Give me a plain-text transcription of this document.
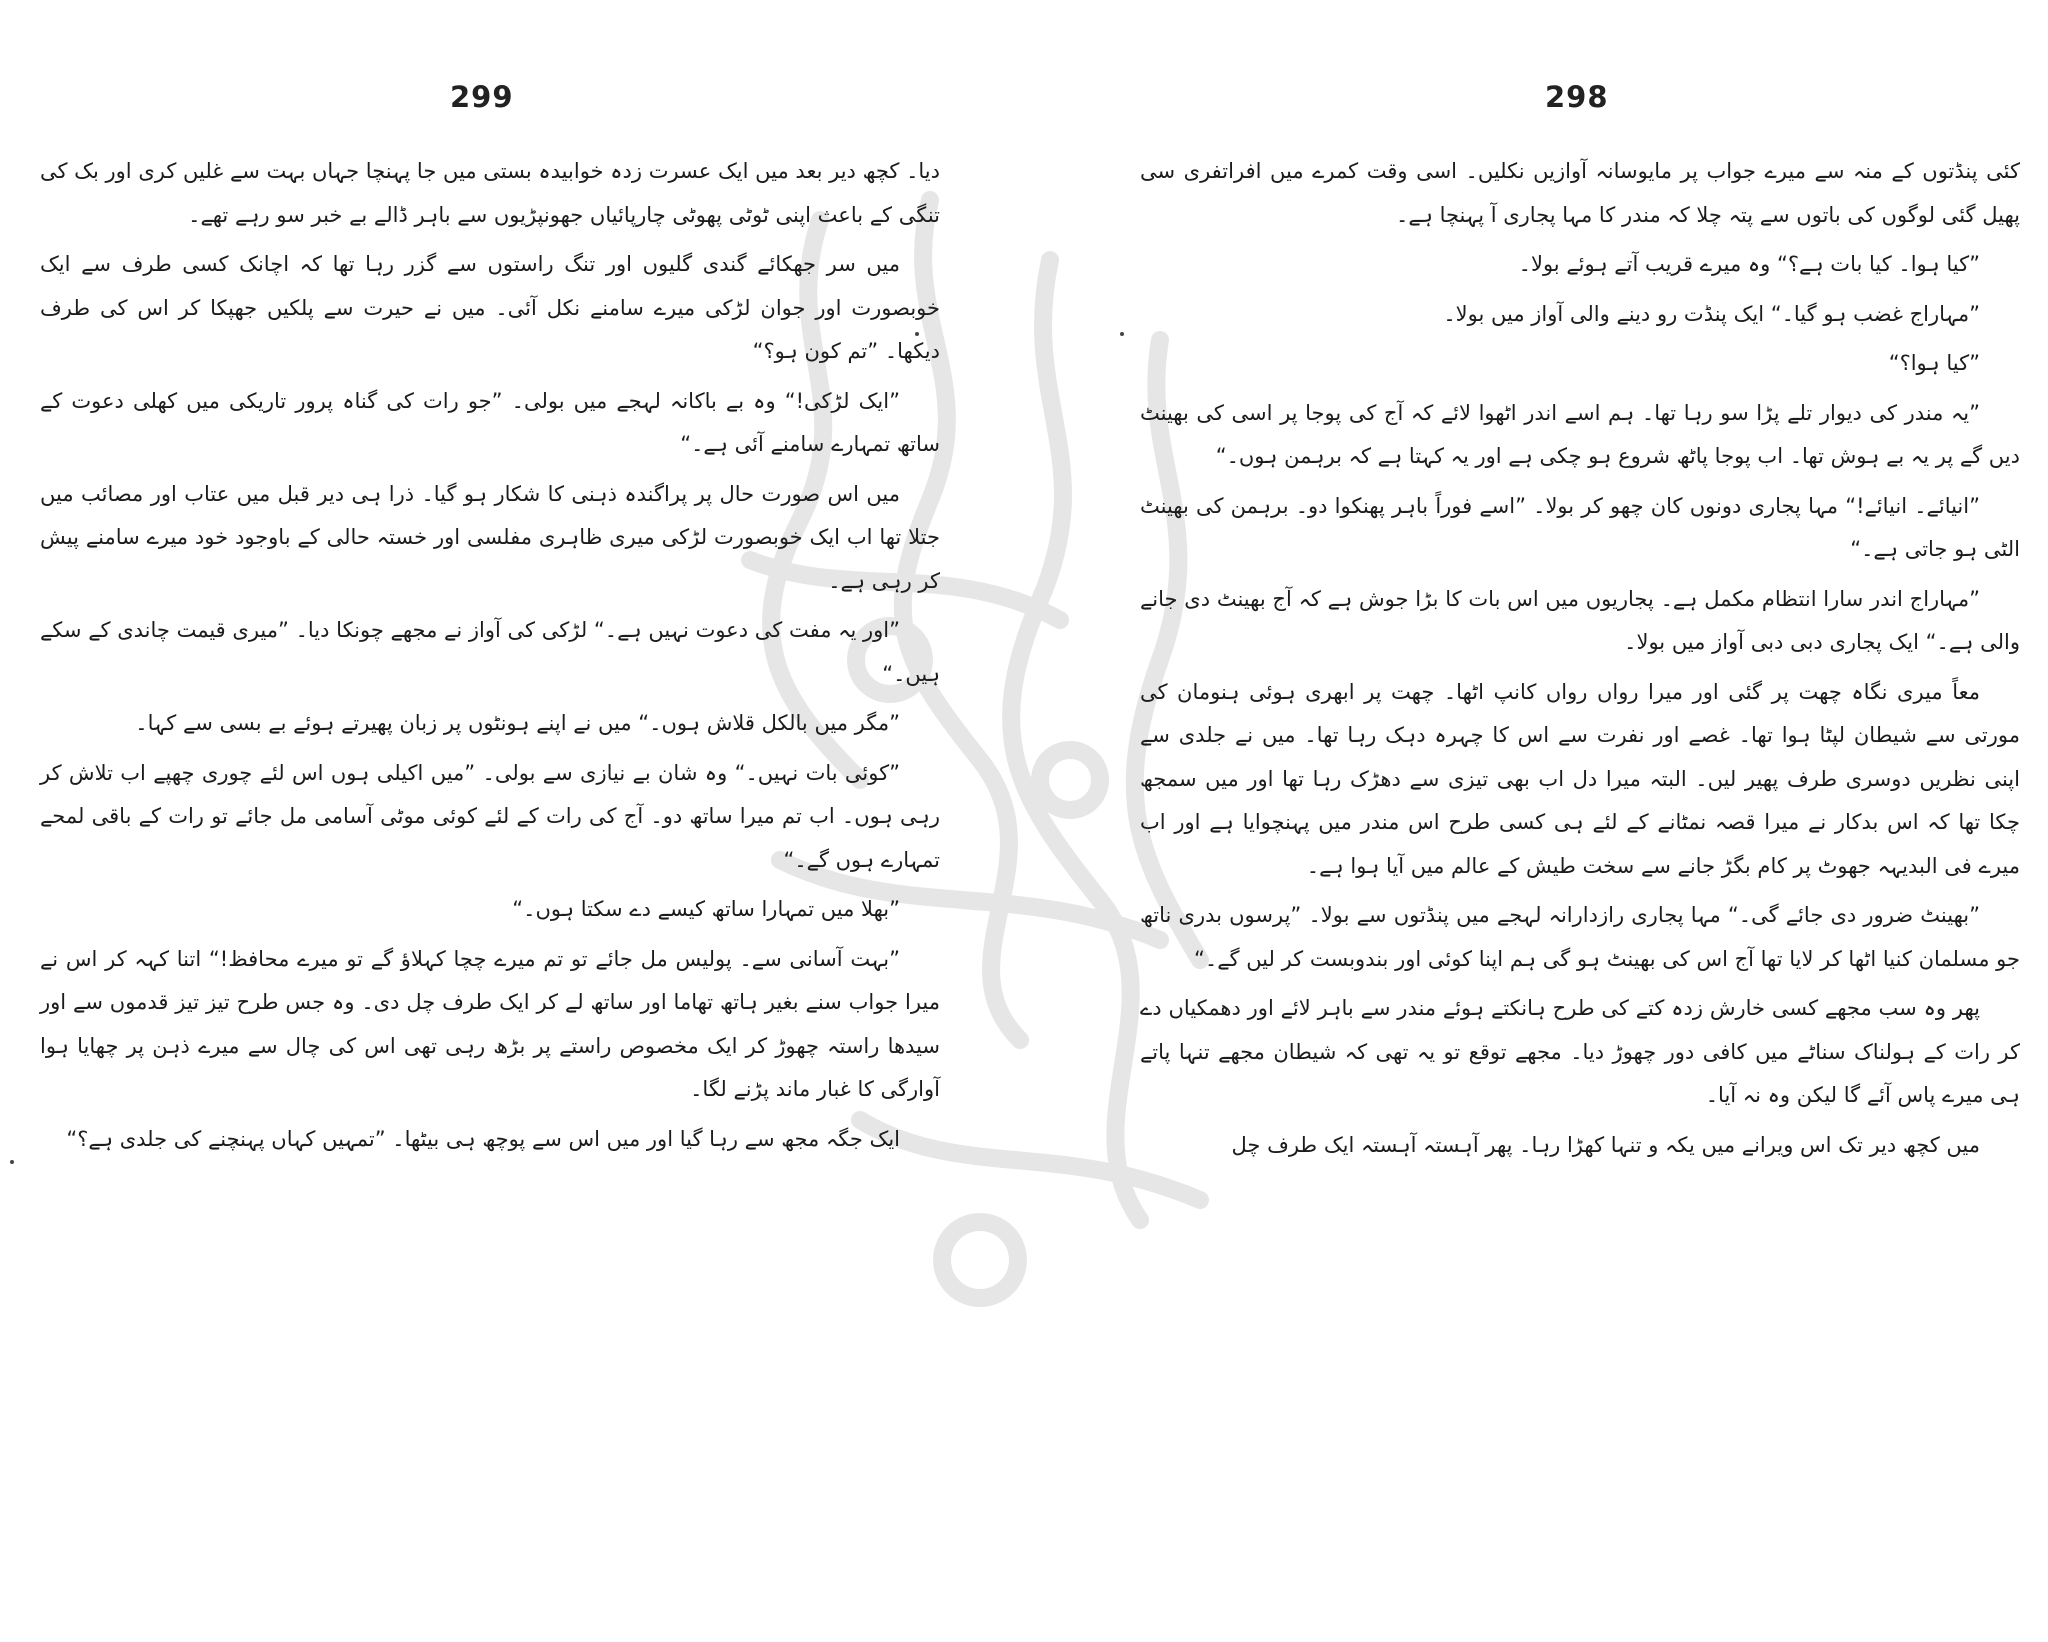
299

دیا۔ کچھ دیر بعد میں ایک عسرت زدہ خوابیدہ بستی میں جا پہنچا جہاں بہت سے غلیں کری اور بک کی تنگی کے باعث اپنی ٹوٹی پھوٹی چارپائیاں جھونپڑیوں سے باہر ڈالے بے خبر سو رہے تھے۔

میں سر جھکائے گندی گلیوں اور تنگ راستوں سے گزر رہا تھا کہ اچانک کسی طرف سے ایک خوبصورت اور جوان لڑکی میرے سامنے نکل آئی۔ میں نے حیرت سے پلکیں جھپکا کر اس کی طرف دیکھا۔ ”تم کون ہو؟“

”ایک لڑکی!“ وہ بے باکانہ لہجے میں بولی۔ ”جو رات کی گناہ پرور تاریکی میں کھلی دعوت کے ساتھ تمہارے سامنے آئی ہے۔“

میں اس صورت حال پر پراگندہ ذہنی کا شکار ہو گیا۔ ذرا ہی دیر قبل میں عتاب اور مصائب میں جتلا تھا اب ایک خوبصورت لڑکی میری ظاہری مفلسی اور خستہ حالی کے باوجود خود میرے سامنے پیش کر رہی ہے۔

”اور یہ مفت کی دعوت نہیں ہے۔“ لڑکی کی آواز نے مجھے چونکا دیا۔ ”میری قیمت چاندی کے سکے ہیں۔“

”مگر میں بالکل قلاش ہوں۔“ میں نے اپنے ہونٹوں پر زبان پھیرتے ہوئے بے بسی سے کہا۔

”کوئی بات نہیں۔“ وہ شان بے نیازی سے بولی۔ ”میں اکیلی ہوں اس لئے چوری چھپے اب تلاش کر رہی ہوں۔ اب تم میرا ساتھ دو۔ آج کی رات کے لئے کوئی موٹی آسامی مل جائے تو رات کے باقی لمحے تمہارے ہوں گے۔“

”بھلا میں تمہارا ساتھ کیسے دے سکتا ہوں۔“

”بہت آسانی سے۔ پولیس مل جائے تو تم میرے چچا کہلاؤ گے تو میرے محافظ!“ اتنا کہہ کر اس نے میرا جواب سنے بغیر ہاتھ تھاما اور ساتھ لے کر ایک طرف چل دی۔ وہ جس طرح تیز تیز قدموں سے اور سیدھا راستہ چھوڑ کر ایک مخصوص راستے پر بڑھ رہی تھی اس کی چال سے میرے ذہن پر چھایا ہوا آوارگی کا غبار ماند پڑنے لگا۔

ایک جگہ مجھ سے رہا گیا اور میں اس سے پوچھ ہی بیٹھا۔ ”تمہیں کہاں پہنچنے کی جلدی ہے؟“

298

کئی پنڈتوں کے منہ سے میرے جواب پر مایوسانہ آوازیں نکلیں۔ اسی وقت کمرے میں افراتفری سی پھیل گئی لوگوں کی باتوں سے پتہ چلا کہ مندر کا مہا پجاری آ پہنچا ہے۔

”کیا ہوا۔ کیا بات ہے؟“ وہ میرے قریب آتے ہوئے بولا۔

”مہاراج غضب ہو گیا۔“ ایک پنڈت رو دینے والی آواز میں بولا۔

”کیا ہوا؟“

”یہ مندر کی دیوار تلے پڑا سو رہا تھا۔ ہم اسے اندر اٹھوا لائے کہ آج کی پوجا پر اسی کی بھینٹ دیں گے پر یہ بے ہوش تھا۔ اب پوجا پاٹھ شروع ہو چکی ہے اور یہ کہتا ہے کہ برہمن ہوں۔“

”انیائے۔ انیائے!“ مہا پجاری دونوں کان چھو کر بولا۔ ”اسے فوراً باہر پھنکوا دو۔ برہمن کی بھینٹ الٹی ہو جاتی ہے۔“

”مہاراج اندر سارا انتظام مکمل ہے۔ پجاریوں میں اس بات کا بڑا جوش ہے کہ آج بھینٹ دی جانے والی ہے۔“ ایک پجاری دبی دبی آواز میں بولا۔

معاً میری نگاہ چھت پر گئی اور میرا رواں رواں کانپ اٹھا۔ چھت پر ابھری ہوئی ہنومان کی مورتی سے شیطان لپٹا ہوا تھا۔ غصے اور نفرت سے اس کا چہرہ دہک رہا تھا۔ میں نے جلدی سے اپنی نظریں دوسری طرف پھیر لیں۔ البتہ میرا دل اب بھی تیزی سے دھڑک رہا تھا اور میں سمجھ چکا تھا کہ اس بدکار نے میرا قصہ نمٹانے کے لئے ہی کسی طرح اس مندر میں پہنچوایا ہے اور اب میرے فی البدیہہ جھوٹ پر کام بگڑ جانے سے سخت طیش کے عالم میں آیا ہوا ہے۔

”بھینٹ ضرور دی جائے گی۔“ مہا پجاری رازدارانہ لہجے میں پنڈتوں سے بولا۔ ”پرسوں بدری ناتھ جو مسلمان کنیا اٹھا کر لایا تھا آج اس کی بھینٹ ہو گی ہم اپنا کوئی اور بندوبست کر لیں گے۔“

پھر وہ سب مجھے کسی خارش زدہ کتے کی طرح ہانکتے ہوئے مندر سے باہر لائے اور دھمکیاں دے کر رات کے ہولناک سناٹے میں کافی دور چھوڑ دیا۔ مجھے توقع تو یہ تھی کہ شیطان مجھے تنہا پاتے ہی میرے پاس آئے گا لیکن وہ نہ آیا۔

میں کچھ دیر تک اس ویرانے میں یکہ و تنہا کھڑا رہا۔ پھر آہستہ آہستہ ایک طرف چل
